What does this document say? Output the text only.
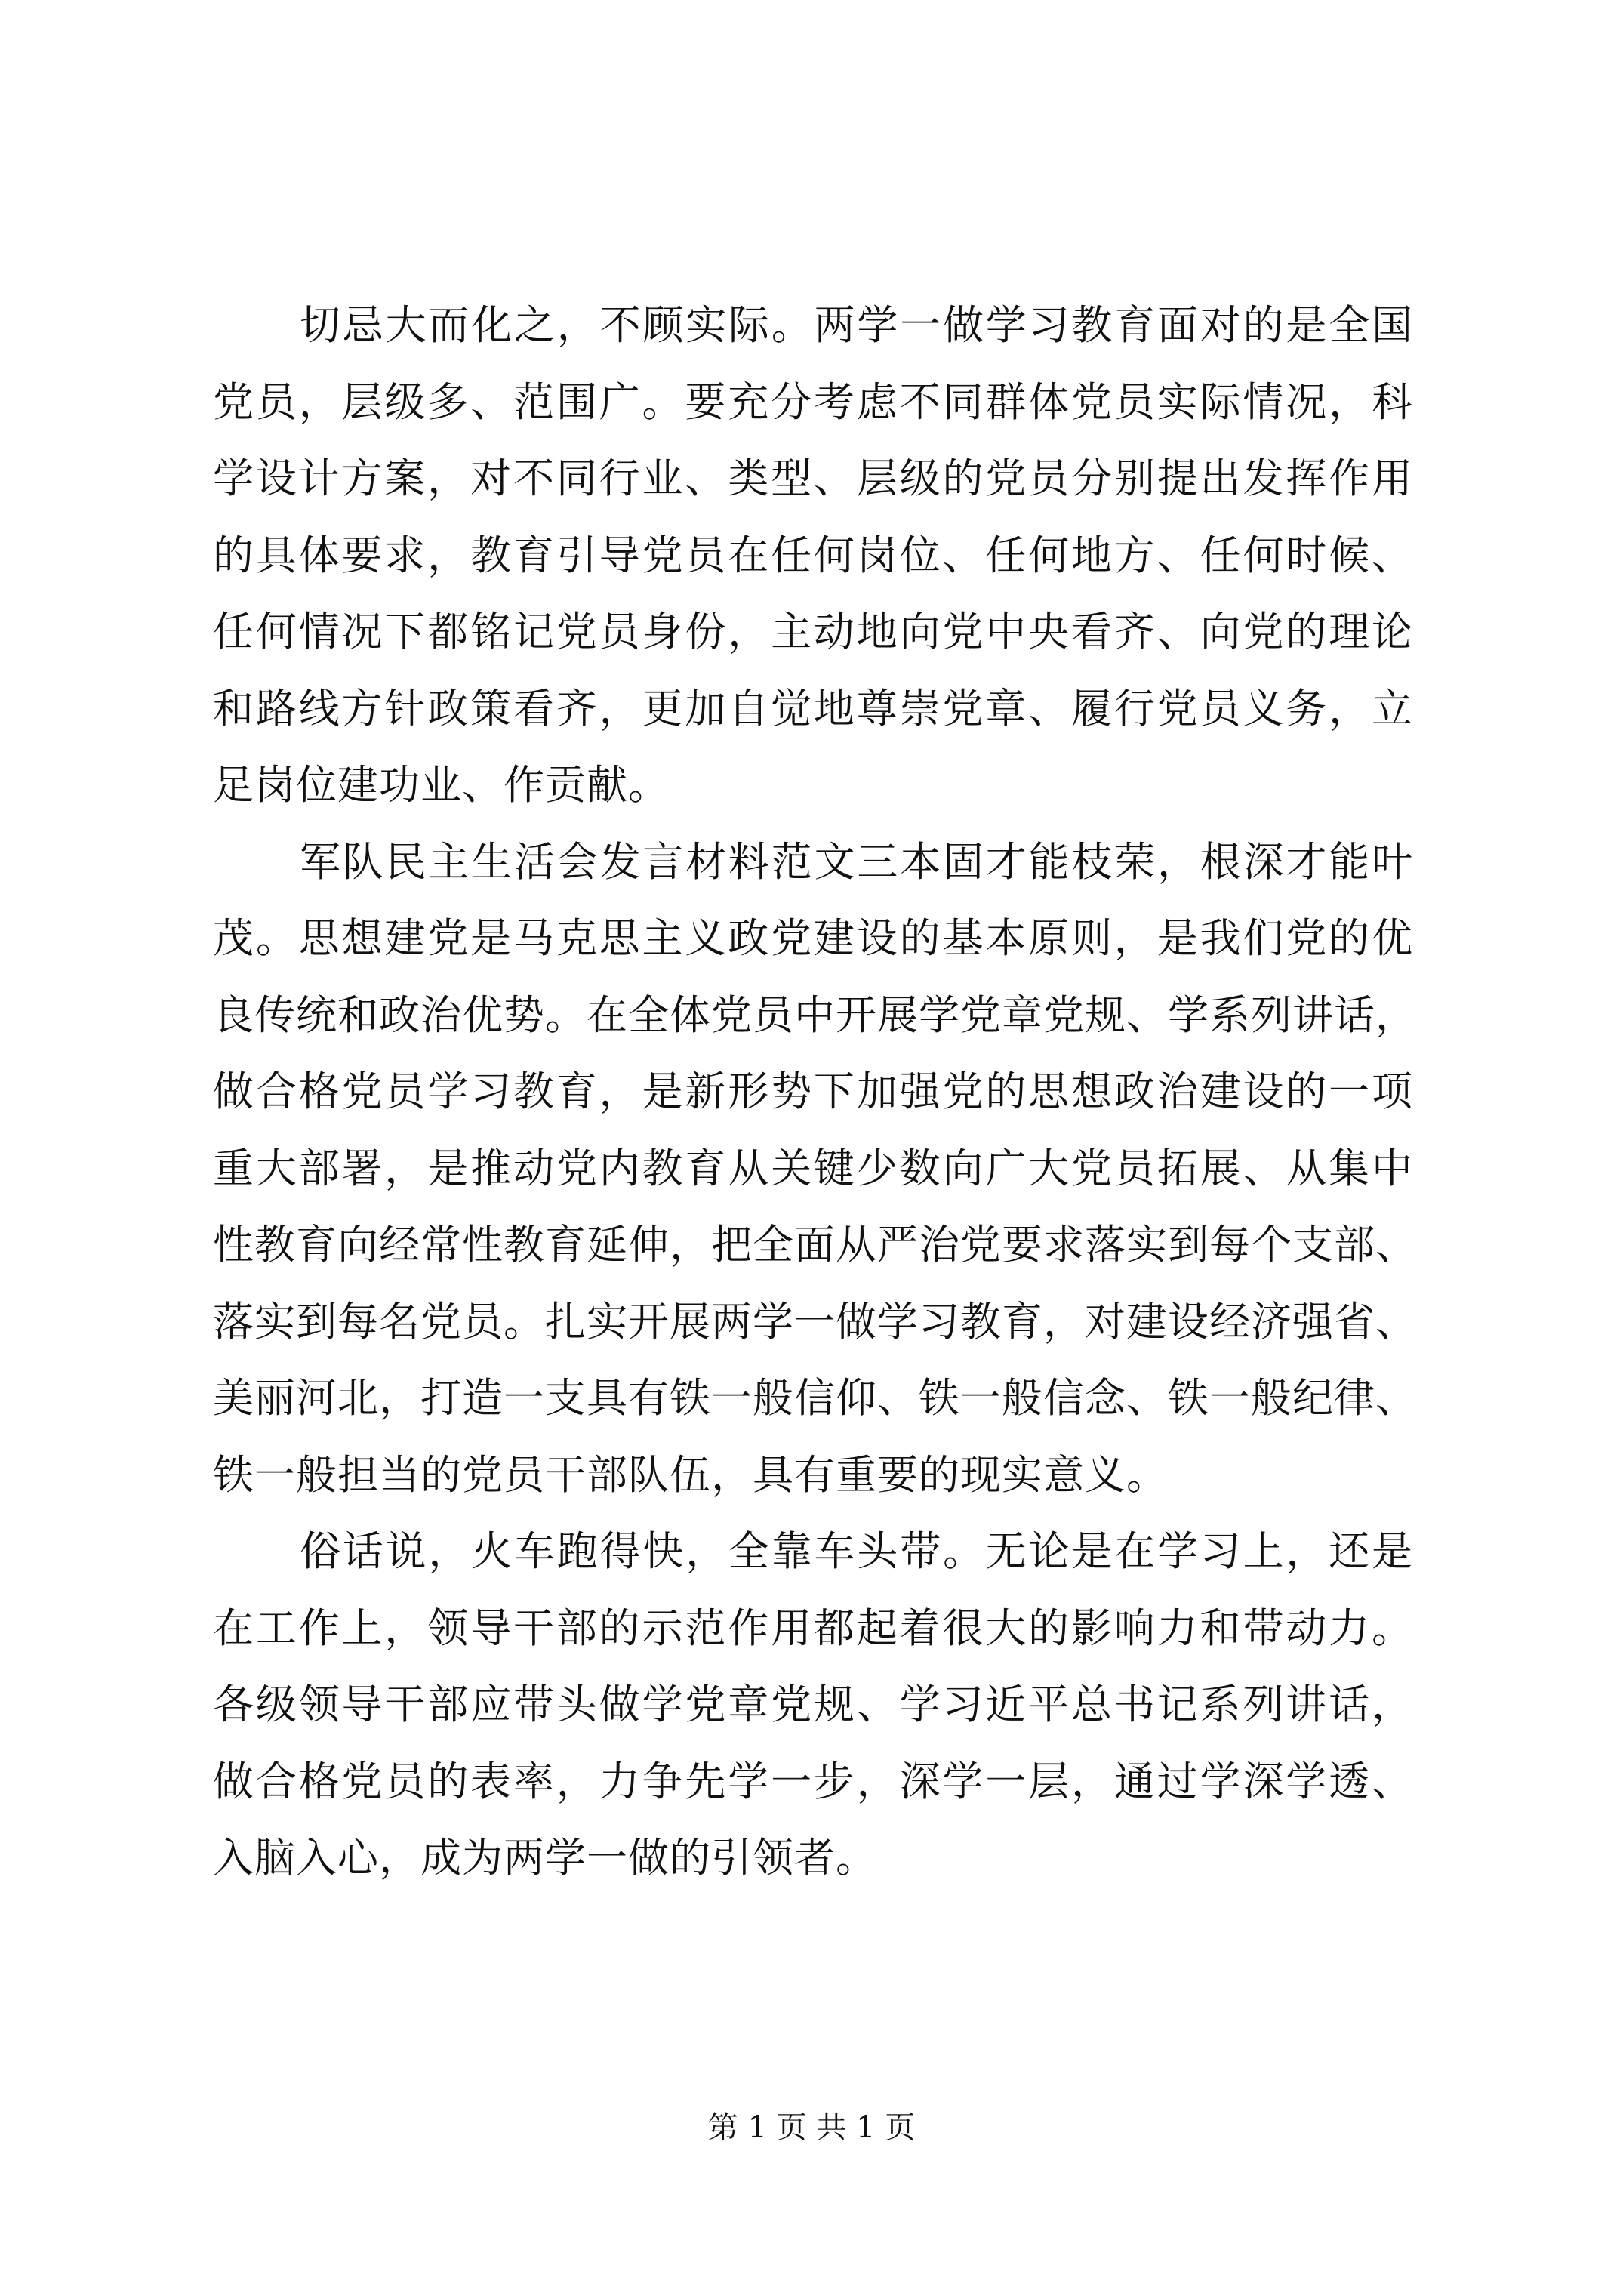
切忌大而化之，不顾实际。两学一做学习教育面对的是全国
党员，层级多、范围广。要充分考虑不同群体党员实际情况，科
学设计方案，对不同行业、类型、层级的党员分别提出发挥作用
的具体要求，教育引导党员在任何岗位、任何地方、任何时候、
任何情况下都铭记党员身份，主动地向党中央看齐、向党的理论
和路线方针政策看齐，更加自觉地尊崇党章、履行党员义务，立
足岗位建功业、作贡献。
军队民主生活会发言材料范文三本固才能枝荣，根深才能叶
茂。思想建党是马克思主义政党建设的基本原则，是我们党的优
良传统和政治优势。在全体党员中开展学党章党规、学系列讲话，
做合格党员学习教育，是新形势下加强党的思想政治建设的一项
重大部署，是推动党内教育从关键少数向广大党员拓展、从集中
性教育向经常性教育延伸，把全面从严治党要求落实到每个支部、
落实到每名党员。扎实开展两学一做学习教育，对建设经济强省、
美丽河北，打造一支具有铁一般信仰、铁一般信念、铁一般纪律、
铁一般担当的党员干部队伍，具有重要的现实意义。
俗话说，火车跑得快，全靠车头带。无论是在学习上，还是
在工作上，领导干部的示范作用都起着很大的影响力和带动力。
各级领导干部应带头做学党章党规、学习近平总书记系列讲话，
做合格党员的表率，力争先学一步，深学一层，通过学深学透、
入脑入心，成为两学一做的引领者。
第 1 页 共 1 页
